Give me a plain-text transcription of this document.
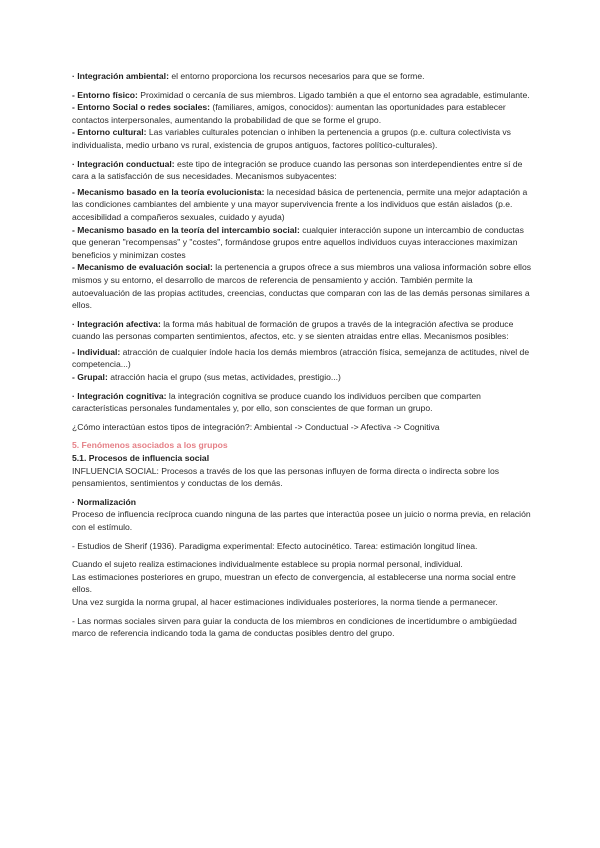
· Integración ambiental: el entorno proporciona los recursos necesarios para que se forme.

- Entorno físico: Proximidad o cercanía de sus miembros. Ligado también a que el entorno sea agradable, estimulante.

- Entorno Social o redes sociales: (familiares, amigos, conocidos): aumentan las oportunidades para establecer contactos interpersonales, aumentando la probabilidad de que se forme el grupo.

- Entorno cultural: Las variables culturales potencian o inhiben la pertenencia a grupos (p.e. cultura colectivista vs individualista, medio urbano vs rural, existencia de grupos antiguos, factores político-culturales).

· Integración conductual: este tipo de integración se produce cuando las personas son interdependientes entre sí de cara a la satisfacción de sus necesidades. Mecanismos subyacentes:

- Mecanismo basado en la teoría evolucionista: la necesidad básica de pertenencia, permite una mejor adaptación a las condiciones cambiantes del ambiente y una mayor supervivencia frente a los individuos que están aislados (p.e. accesibilidad a compañeros sexuales, cuidado y ayuda)

- Mecanismo basado en la teoría del intercambio social: cualquier interacción supone un intercambio de conductas que generan "recompensas" y "costes", formándose grupos entre aquellos individuos cuyas interacciones maximizan beneficios y minimizan costes

- Mecanismo de evaluación social: la pertenencia a grupos ofrece a sus miembros una valiosa información sobre ellos mismos y su entorno, el desarrollo de marcos de referencia de pensamiento y acción. También permite la autoevaluación de las propias actitudes, creencias, conductas que comparan con las de las demás personas similares a ellos.

· Integración afectiva: la forma más habitual de formación de grupos a través de la integración afectiva se produce cuando las personas comparten sentimientos, afectos, etc. y se sienten atraidas entre ellas. Mecanismos posibles:

- Individual: atracción de cualquier índole hacia los demás miembros (atracción física, semejanza de actitudes, nivel de competencia...)

- Grupal: atracción hacia el grupo (sus metas, actividades, prestigio...)

· Integración cognitiva: la integración cognitiva se produce cuando los individuos perciben que comparten características personales fundamentales y, por ello, son conscientes de que forman un grupo.

¿Cómo interactúan estos tipos de integración?: Ambiental -> Conductual -> Afectiva -> Cognitiva

5. Fenómenos asociados a los grupos

5.1. Procesos de influencia social

INFLUENCIA SOCIAL: Procesos a través de los que las personas influyen de forma directa o indirecta sobre los pensamientos, sentimientos y conductas de los demás.

· Normalización

Proceso de influencia recíproca cuando ninguna de las partes que interactúa posee un juicio o norma previa, en relación con el estímulo.

- Estudios de Sherif (1936). Paradigma experimental: Efecto autocinético. Tarea: estimación longitud línea.

Cuando el sujeto realiza estimaciones individualmente establece su propia normal personal, individual.

Las estimaciones posteriores en grupo, muestran un efecto de convergencia, al establecerse una norma social entre ellos.

Una vez surgida la norma grupal, al hacer estimaciones individuales posteriores, la norma tiende a permanecer.

- Las normas sociales sirven para guiar la conducta de los miembros en condiciones de incertidumbre o ambigüedad marco de referencia indicando toda la gama de conductas posibles dentro del grupo.
